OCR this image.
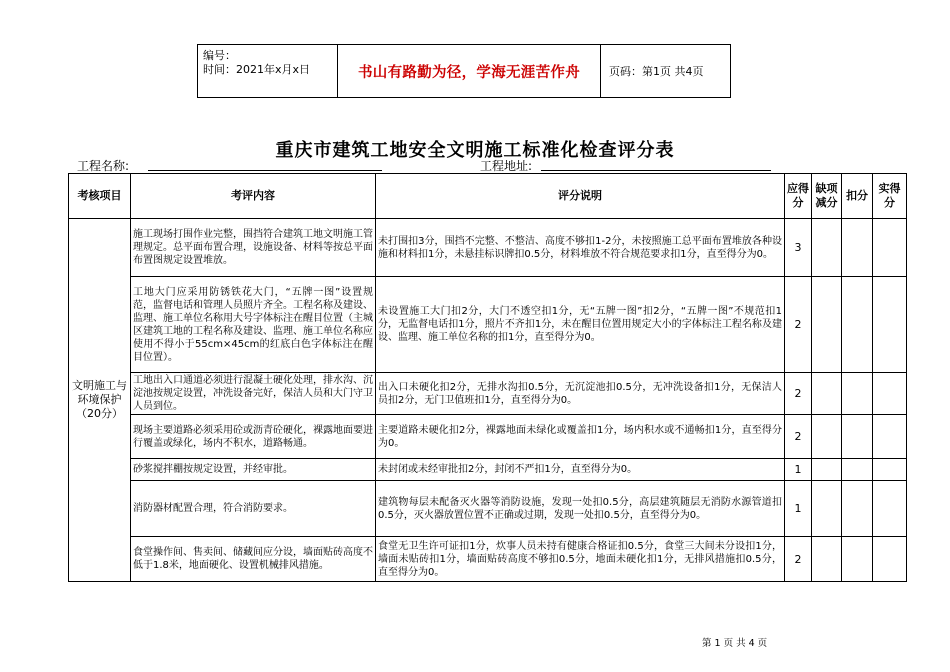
编号：
时间：2021年x月x日	书山有路勤为径，学海无涯苦作舟	页码：第1页 共4页
重庆市建筑工地安全文明施工标准化检查评分表
工程名称:	工程地址:
考核项目	考评内容	评分说明	应得分	缺项减分	扣分	实得分
文明施工与环境保护（20分）	施工现场打围作业完整，围挡符合建筑工地文明施工管理规定。总平面布置合理，设施设备、材料等按总平面布置图规定设置堆放。	未打围扣3分，围挡不完整、不整洁、高度不够扣1-2分，未按照施工总平面布置堆放各种设施和材料扣1分，未悬挂标识牌扣0.5分，材料堆放不符合规范要求扣1分，直至得分为0。	3			
	工地大门应采用防锈铁花大门，“五牌一图”设置规范，监督电话和管理人员照片齐全。工程名称及建设、监理、施工单位名称用大号字体标注在醒目位置（主城区建筑工地的工程名称及建设、监理、施工单位名称应使用不得小于55cm×45cm的红底白色字体标注在醒目位置）。	未设置施工大门扣2分，大门不透空扣1分，无“五牌一图”扣2分，“五牌一图”不规范扣1分，无监督电话扣1分，照片不齐扣1分，未在醒目位置用规定大小的字体标注工程名称及建设、监理、施工单位名称的扣1分，直至得分为0。	2			
	工地出入口通道必须进行混凝土硬化处理，排水沟、沉淀池按规定设置，冲洗设备完好，保洁人员和大门守卫人员到位。	出入口未硬化扣2分，无排水沟扣0.5分，无沉淀池扣0.5分，无冲洗设备扣1分，无保洁人员扣2分，无门卫值班扣1分，直至得分为0。	2			
	现场主要道路必须采用砼或沥青砼硬化，裸露地面要进行覆盖或绿化，场内不积水，道路畅通。	主要道路未硬化扣2分，裸露地面未绿化或覆盖扣1分，场内积水或不通畅扣1分，直至得分为0。	2			
	砂浆搅拌棚按规定设置，并经审批。	未封闭或未经审批扣2分，封闭不严扣1分，直至得分为0。	1			
	消防器材配置合理，符合消防要求。	建筑物每层未配备灭火器等消防设施，发现一处扣0.5分，高层建筑随层无消防水源管道扣0.5分，灭火器放置位置不正确或过期，发现一处扣0.5分，直至得分为0。	1			
	食堂操作间、售卖间、储藏间应分设，墙面贴砖高度不低于1.8米，地面硬化、设置机械排风措施。	食堂无卫生许可证扣1分，炊事人员未持有健康合格证扣0.5分，食堂三大间未分设扣1分，墙面未贴砖扣1分，墙面贴砖高度不够扣0.5分，地面未硬化扣1分，无排风措施扣0.5分，直至得分为0。	2			
第 1 页 共 4 页
